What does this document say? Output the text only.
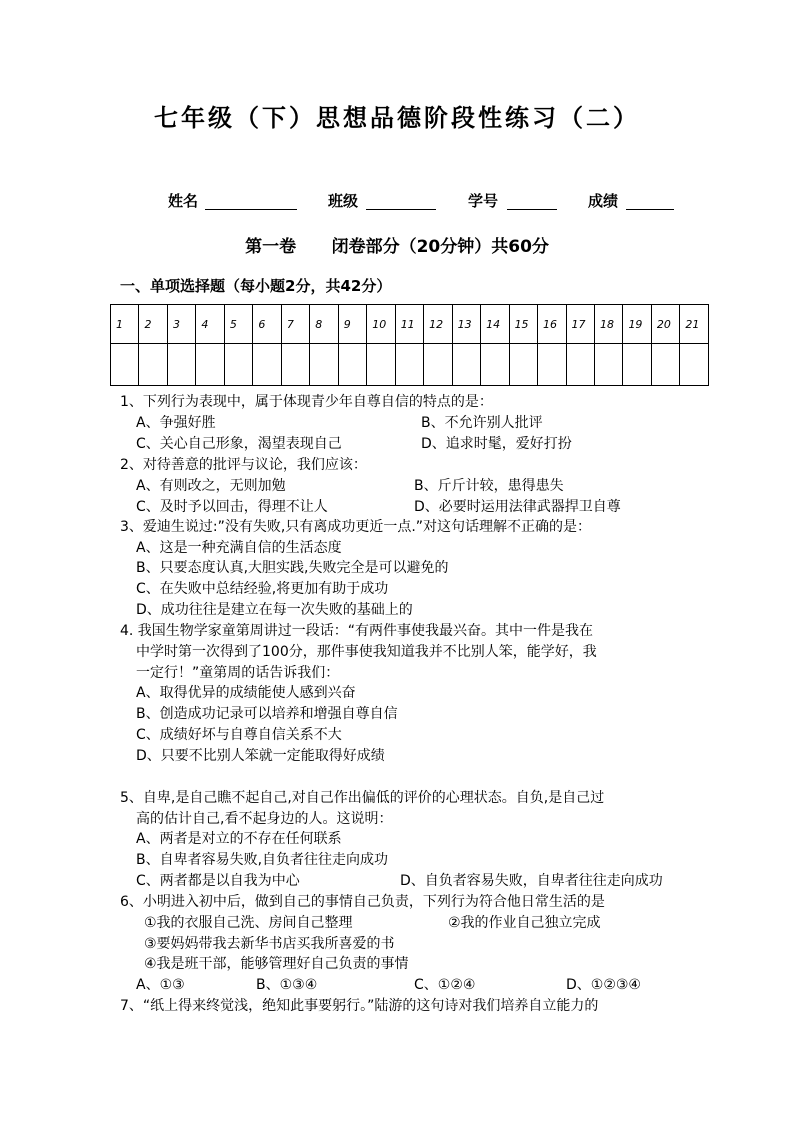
七年级（下）思想品德阶段性练习（二）
姓名	班级	学号	成绩
第一卷      闭卷部分（20分钟）共60分
一、单项选择题（每小题2分，共42分）
1	2	3	4	5	6	7	8	9	10	11	12	13	14	15	16	17	18	19	20	21

1、下列行为表现中，属于体现青少年自尊自信的特点的是：
A、争强好胜	B、不允许别人批评
C、关心自己形象，渴望表现自己	D、追求时髦，爱好打扮
2、对待善意的批评与议论，我们应该：
A、有则改之，无则加勉	B、斤斤计较，患得患失
C、及时予以回击，得理不让人	D、必要时运用法律武器捍卫自尊
3、爱迪生说过:”没有失败,只有离成功更近一点.”对这句话理解不正确的是：
A、这是一种充满自信的生活态度
B、只要态度认真,大胆实践,失败完全是可以避免的
C、在失败中总结经验,将更加有助于成功
D、成功往往是建立在每一次失败的基础上的
4. 我国生物学家童第周讲过一段话：“有两件事使我最兴奋。其中一件是我在
中学时第一次得到了100分，那件事使我知道我并不比别人笨，能学好，我
一定行！”童第周的话告诉我们：
A、取得优异的成绩能使人感到兴奋
B、创造成功记录可以培养和增强自尊自信
C、成绩好坏与自尊自信关系不大
D、只要不比别人笨就一定能取得好成绩
5、自卑,是自己瞧不起自己,对自己作出偏低的评价的心理状态。自负,是自己过
高的估计自己,看不起身边的人。这说明：
A、两者是对立的不存在任何联系
B、自卑者容易失败,自负者往往走向成功
C、两者都是以自我为中心	D、自负者容易失败，自卑者往往走向成功
6、小明进入初中后，做到自己的事情自己负责，下列行为符合他日常生活的是
①我的衣服自己洗、房间自己整理	②我的作业自己独立完成
③要妈妈带我去新华书店买我所喜爱的书
④我是班干部，能够管理好自己负责的事情
A、①③	B、①③④	C、①②④	D、①②③④
7、“纸上得来终觉浅，绝知此事要躬行。”陆游的这句诗对我们培养自立能力的
